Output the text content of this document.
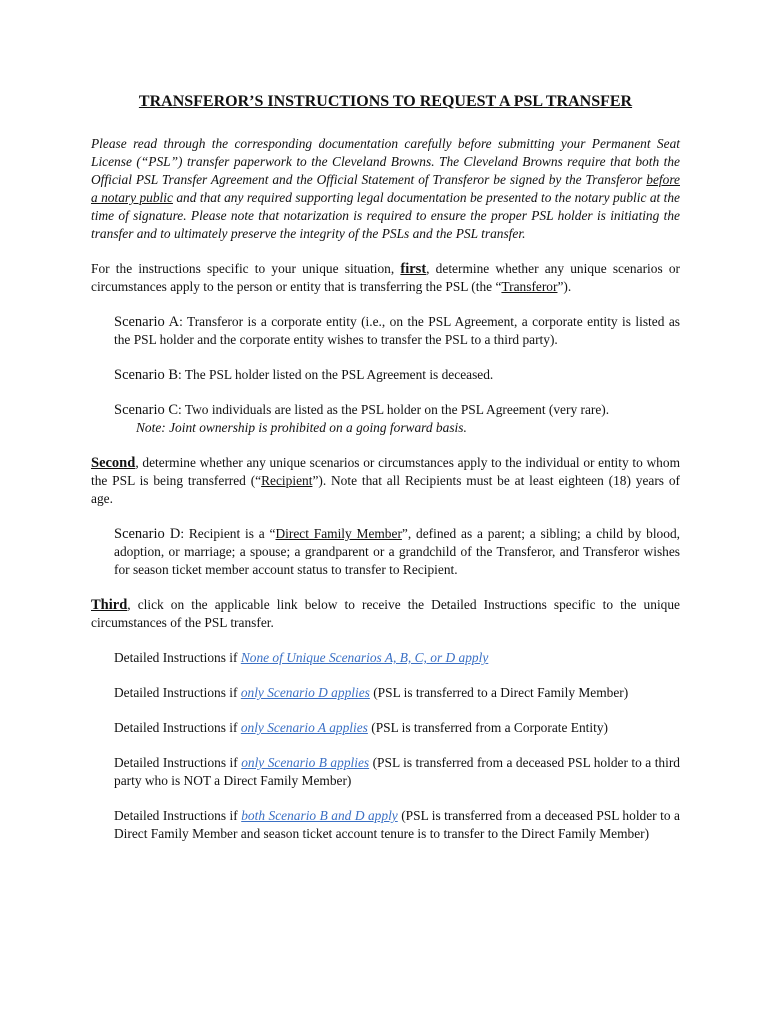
TRANSFEROR’S INSTRUCTIONS TO REQUEST A PSL TRANSFER

Please read through the corresponding documentation carefully before submitting your Permanent Seat License (“PSL”) transfer paperwork to the Cleveland Browns. The Cleveland Browns require that both the Official PSL Transfer Agreement and the Official Statement of Transferor be signed by the Transferor before a notary public and that any required supporting legal documentation be presented to the notary public at the time of signature. Please note that notarization is required to ensure the proper PSL holder is initiating the transfer and to ultimately preserve the integrity of the PSLs and the PSL transfer.

For the instructions specific to your unique situation, first, determine whether any unique scenarios or circumstances apply to the person or entity that is transferring the PSL (the “Transferor”).

Scenario A: Transferor is a corporate entity (i.e., on the PSL Agreement, a corporate entity is listed as the PSL holder and the corporate entity wishes to transfer the PSL to a third party).

Scenario B: The PSL holder listed on the PSL Agreement is deceased.

Scenario C: Two individuals are listed as the PSL holder on the PSL Agreement (very rare).
Note: Joint ownership is prohibited on a going forward basis.

Second, determine whether any unique scenarios or circumstances apply to the individual or entity to whom the PSL is being transferred (“Recipient”). Note that all Recipients must be at least eighteen (18) years of age.

Scenario D: Recipient is a “Direct Family Member”, defined as a parent; a sibling; a child by blood, adoption, or marriage; a spouse; a grandparent or a grandchild of the Transferor, and Transferor wishes for season ticket member account status to transfer to Recipient.

Third, click on the applicable link below to receive the Detailed Instructions specific to the unique circumstances of the PSL transfer.

Detailed Instructions if None of Unique Scenarios A, B, C, or D apply

Detailed Instructions if only Scenario D applies (PSL is transferred to a Direct Family Member)

Detailed Instructions if only Scenario A applies (PSL is transferred from a Corporate Entity)

Detailed Instructions if only Scenario B applies (PSL is transferred from a deceased PSL holder to a third party who is NOT a Direct Family Member)

Detailed Instructions if both Scenario B and D apply (PSL is transferred from a deceased PSL holder to a Direct Family Member and season ticket account tenure is to transfer to the Direct Family Member)
